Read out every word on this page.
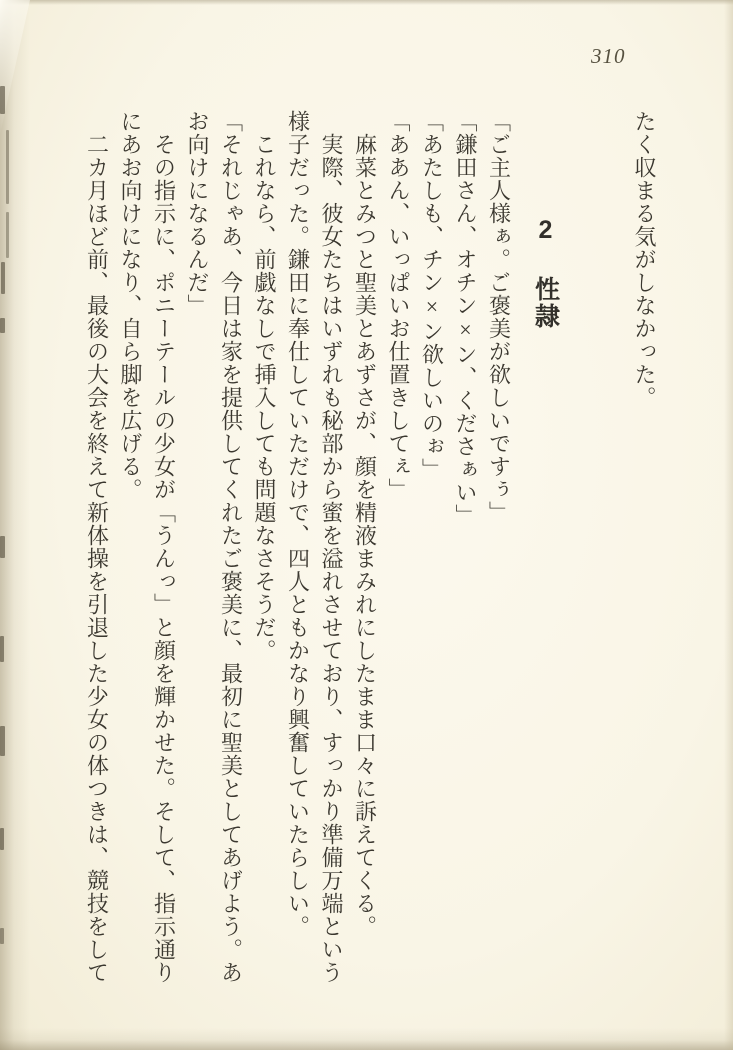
310

たく収まる気がしなかった。

2 性隷

「ご主人様ぁ。ご褒美が欲しいですぅ」

「鎌田さん、オチン×ン、くださぁい」

「あたしも、チン×ン欲しいのぉ」

「ああん、いっぱいお仕置きしてぇ」

麻菜とみつと聖美とあずさが、顔を精液まみれにしたまま口々に訴えてくる。

実際、彼女たちはいずれも秘部から蜜を溢れさせており、すっかり準備万端という

様子だった。鎌田に奉仕していただけで、四人ともかなり興奮していたらしい。

これなら、前戯なしで挿入しても問題なさそうだ。

「それじゃあ、今日は家を提供してくれたご褒美に、最初に聖美としてあげよう。あ

お向けになるんだ」

その指示に、ポニーテールの少女が「うんっ」と顔を輝かせた。そして、指示通り

にあお向けになり、自ら脚を広げる。

二カ月ほど前、最後の大会を終えて新体操を引退した少女の体つきは、競技をして
